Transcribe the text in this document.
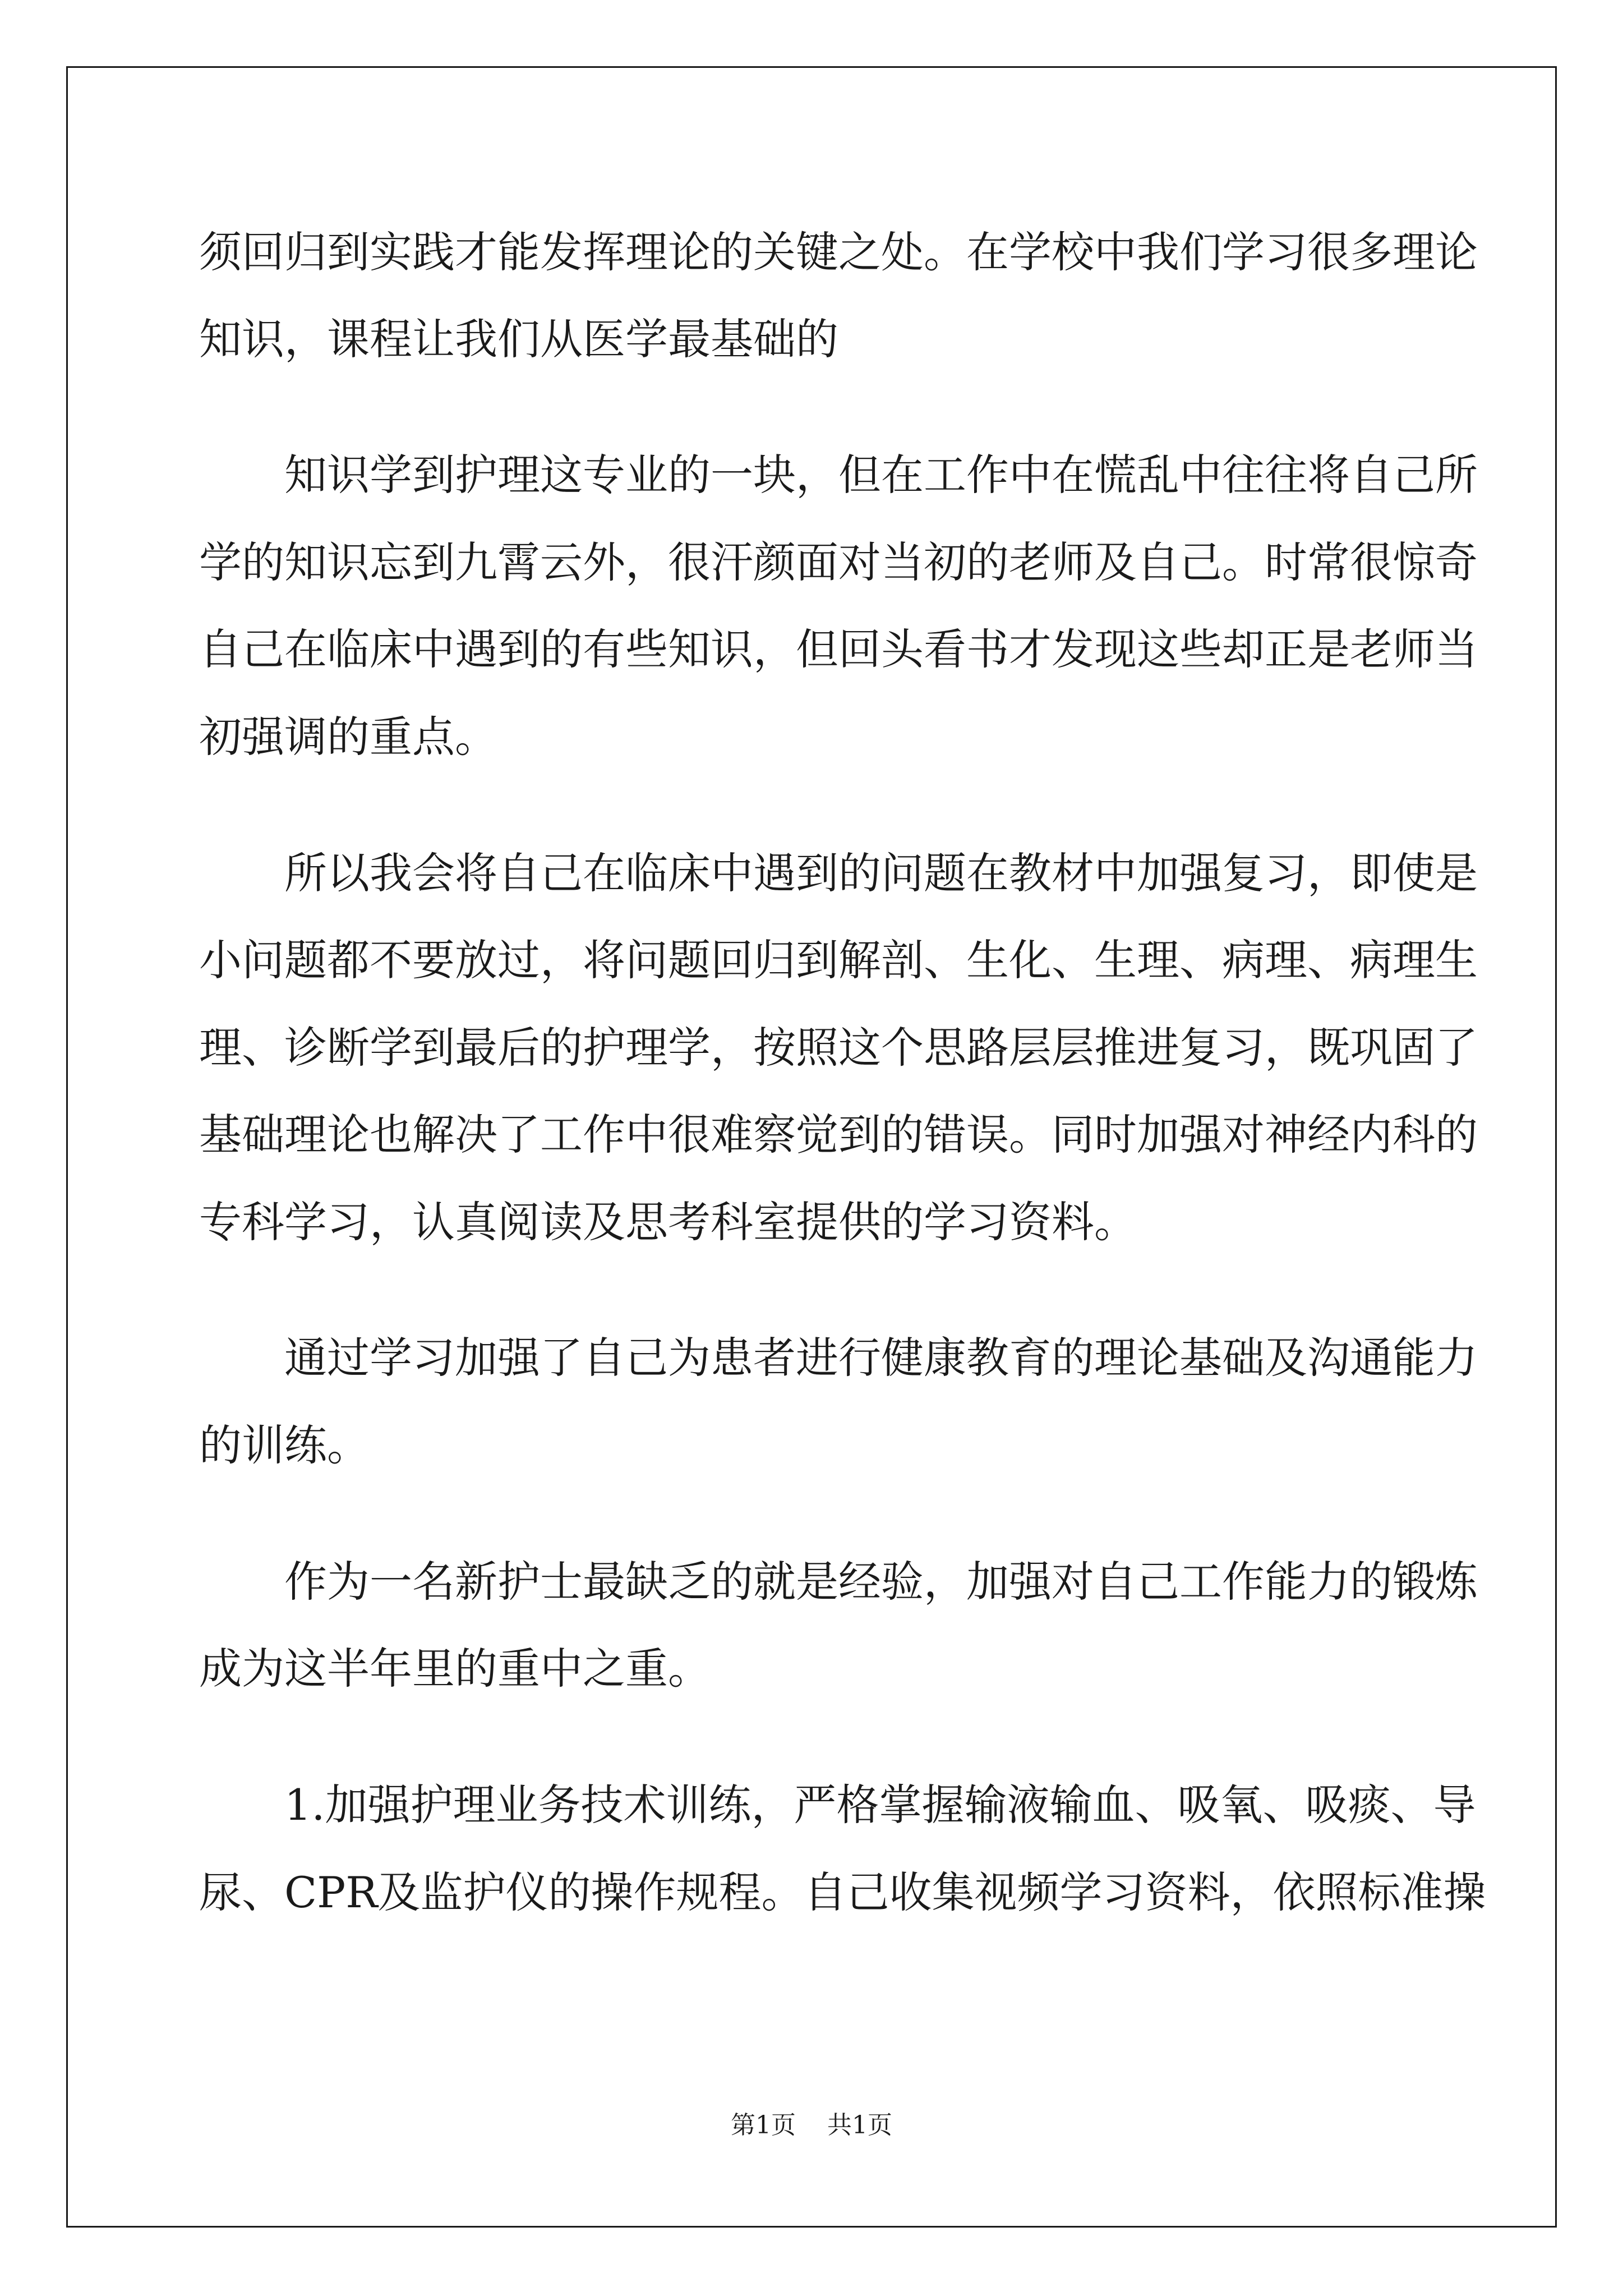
须回归到实践才能发挥理论的关键之处。在学校中我们学习很多理论

知识，课程让我们从医学最基础的

知识学到护理这专业的一块，但在工作中在慌乱中往往将自己所

学的知识忘到九霄云外，很汗颜面对当初的老师及自己。时常很惊奇

自己在临床中遇到的有些知识，但回头看书才发现这些却正是老师当

初强调的重点。

所以我会将自己在临床中遇到的问题在教材中加强复习，即使是

小问题都不要放过，将问题回归到解剖、生化、生理、病理、病理生

理、诊断学到最后的护理学，按照这个思路层层推进复习，既巩固了

基础理论也解决了工作中很难察觉到的错误。同时加强对神经内科的

专科学习，认真阅读及思考科室提供的学习资料。

通过学习加强了自己为患者进行健康教育的理论基础及沟通能力

的训练。

作为一名新护士最缺乏的就是经验，加强对自己工作能力的锻炼

成为这半年里的重中之重。

1.加强护理业务技术训练，严格掌握输液输血、吸氧、吸痰、导

尿、CPR及监护仪的操作规程。自己收集视频学习资料，依照标准操

第1页    共1页
